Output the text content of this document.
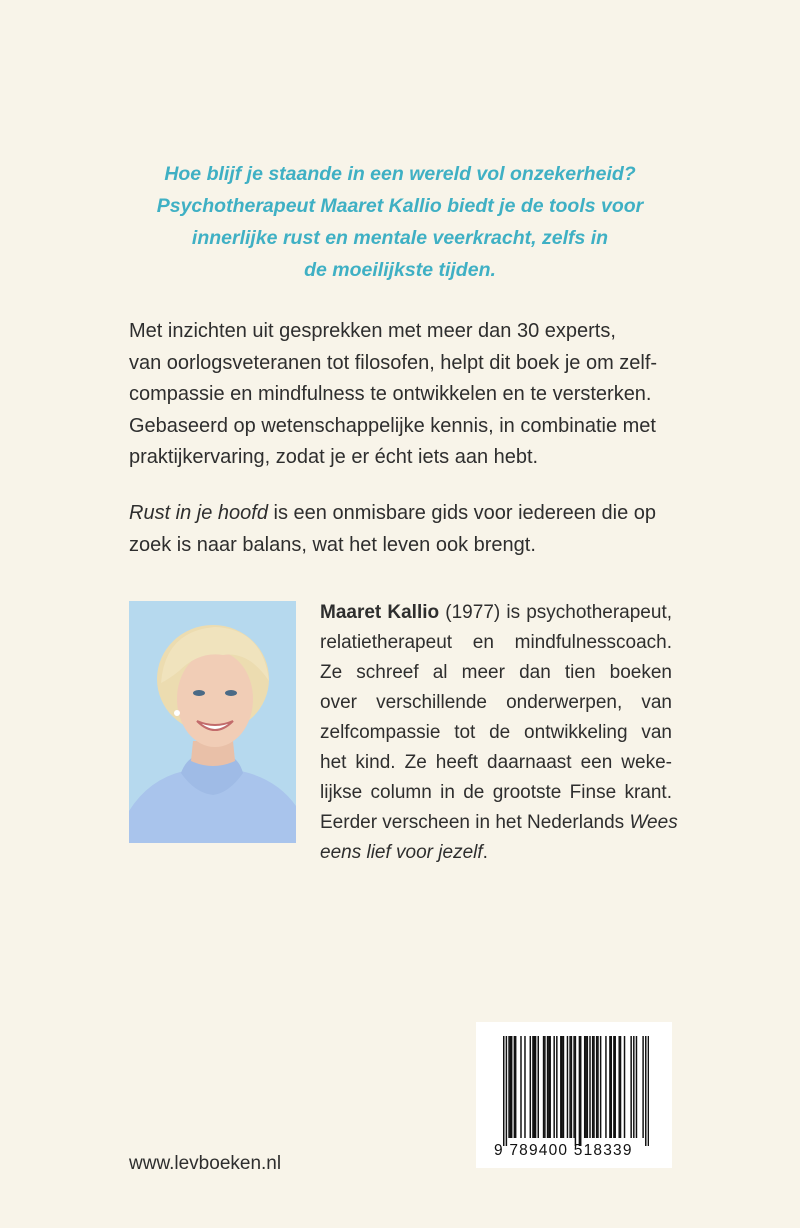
Hoe blijf je staande in een wereld vol onzekerheid?
Psychotherapeut Maaret Kallio biedt je de tools voor
innerlijke rust en mentale veerkracht, zelfs in
de moeilijkste tijden.
Met inzichten uit gesprekken met meer dan 30 experts,
van oorlogsveteranen tot filosofen, helpt dit boek je om zelf-
compassie en mindfulness te ontwikkelen en te versterken.
Gebaseerd op wetenschappelijke kennis, in combinatie met
praktijkervaring, zodat je er écht iets aan hebt.
Rust in je hoofd is een onmisbare gids voor iedereen die op
zoek is naar balans, wat het leven ook brengt.
Maaret Kallio (1977) is psychotherapeut,
relatietherapeut en mindfulnesscoach.
Ze schreef al meer dan tien boeken
over verschillende onderwerpen, van
zelfcompassie tot de ontwikkeling van
het kind. Ze heeft daarnaast een weke-
lijkse column in de grootste Finse krant.
Eerder verscheen in het Nederlands Wees
eens lief voor jezelf.
9 789400 518339
www.levboeken.nl
